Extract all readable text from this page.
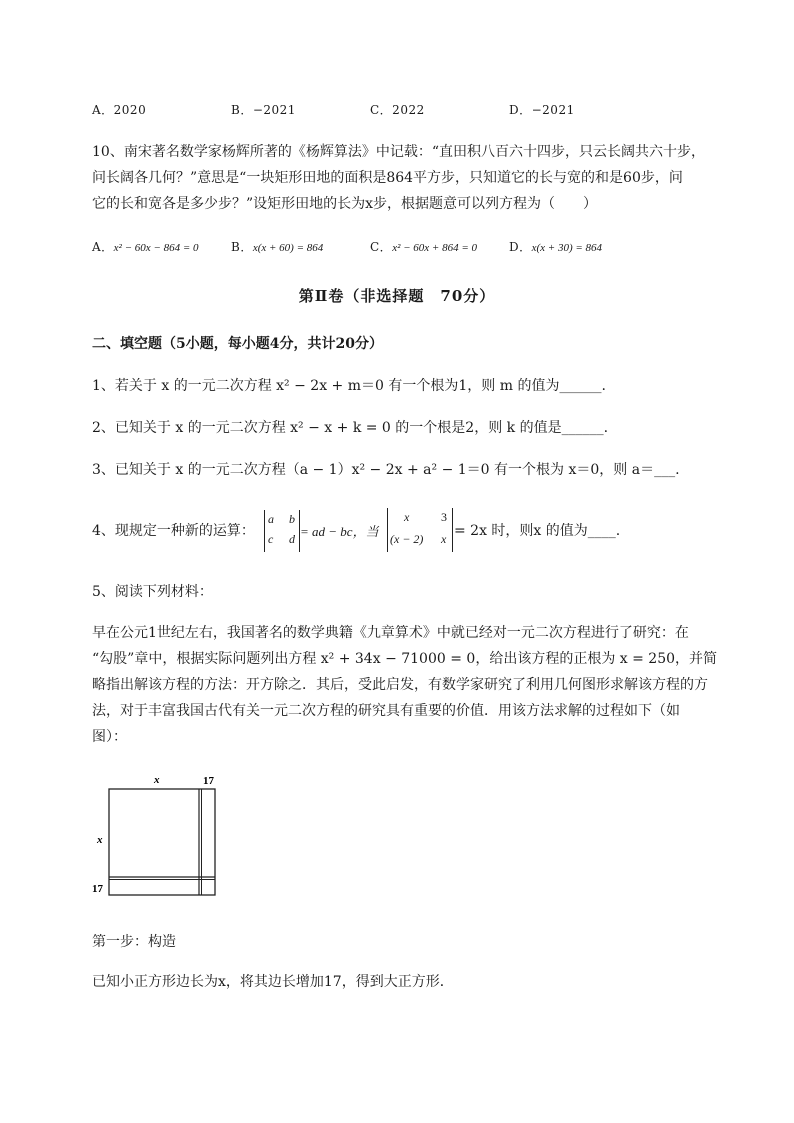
A．2020	B．−2021	C．2022	D．−2021
10、南宋著名数学家杨辉所著的《杨辉算法》中记载：“直田积八百六十四步，只云长阔共六十步，
问长阔各几何？”意思是“一块矩形田地的面积是864平方步，只知道它的长与宽的和是60步，问
它的长和宽各是多少步？”设矩形田地的长为x步，根据题意可以列方程为（　　）
A．x² − 60x − 864 = 0	B．x(x + 60) = 864	C．x² − 60x + 864 = 0	D．x(x + 30) = 864
第Ⅱ卷（非选择题　70分）
二、填空题（5小题，每小题4分，共计20分）
1、若关于 x 的一元二次方程 x² − 2x + m＝0 有一个根为1，则 m 的值为______.
2、已知关于 x 的一元二次方程 x² − x + k = 0 的一个根是2，则 k 的值是______.
3、已知关于 x 的一元二次方程（a − 1）x² − 2x + a² − 1＝0 有一个根为 x＝0，则 a＝___.
4、现规定一种新的运算：
a b
c d = ad − bc，当
x	3
(x − 2) x = 2x 时，则x 的值为____.
5、阅读下列材料：
早在公元1世纪左右，我国著名的数学典籍《九章算术》中就已经对一元二次方程进行了研究：在
“勾股”章中，根据实际问题列出方程 x² + 34x − 71000 = 0，给出该方程的正根为 x = 250，并简
略指出解该方程的方法：开方除之．其后，受此启发，有数学家研究了利用几何图形求解该方程的方
法，对于丰富我国古代有关一元二次方程的研究具有重要的价值．用该方法求解的过程如下（如
图）：
x	17
x
17
第一步：构造
已知小正方形边长为x，将其边长增加17，得到大正方形．
